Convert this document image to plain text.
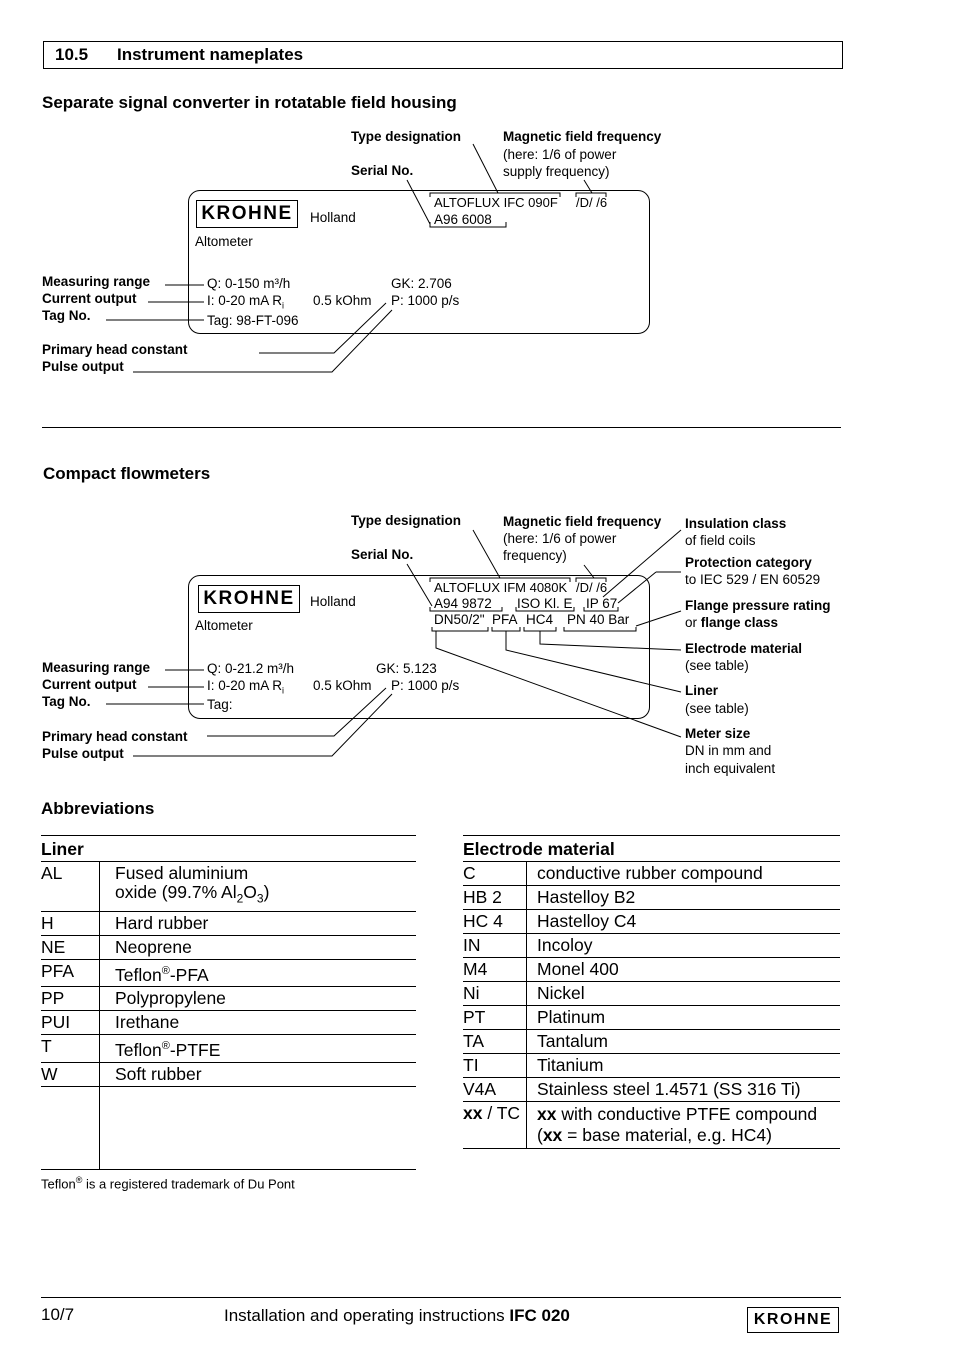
10.5 Instrument nameplates
Separate signal converter in rotatable field housing
Type designation
Serial No.
Magnetic field frequency
(here: 1/6 of power
supply frequency)
Measuring range
Current output
Tag No.
Primary head constant
Pulse output
KROHNE	Holland
Altometer
ALTOFLUX IFC 090F /D/ /6
A96 6008
Q: 0-150 m³/h
I: 0-20 mA $R_i$ 0.5 kOhm
Tag: 98-FT-096
GK: 2.706
P: 1000 p/s
Compact flowmeters
Type designation
Serial No.
Magnetic field frequency
(here: 1/6 of power
frequency)
Insulation class
of field coils
Protection category
to IEC 529 / EN 60529
Flange pressure rating
or flange class
Electrode material
(see table)
Liner
(see table)
Meter size
DN in mm and
inch equivalent
Measuring range
Current output
Tag No.
Primary head constant
Pulse output
KROHNE	Holland
Altometer
ALTOFLUX IFM 4080K /D/ /6
A94 9872 ISO Kl. E IP 67
DN50/2" PFA HC4 PN 40 Bar
Q: 0-21.2 m³/h
I: 0-20 mA $R_i$ 0.5 kOhm
Tag:
GK: 5.123
P: 1000 p/s
Abbreviations
Liner	
AL	Fused aluminium
oxide (99.7% $Al_2O_3$)
H	Hard rubber
NE	Neoprene
PFA	Teflon®-PFA
PP	Polypropylene
PUI	Irethane
T	Teflon®-PTFE
W	Soft rubber

Teflon® is a registered trademark of Du Pont
Electrode material	
C	conductive rubber compound
HB 2	Hastelloy B2
HC 4	Hastelloy C4
IN	Incoloy
M4	Monel 400
Ni	Nickel
PT	Platinum
TA	Tantalum
TI	Titanium
V4A	Stainless steel 1.4571 (SS 316 Ti)
xx / TC	xx with conductive PTFE compound
(xx = base material, e.g. HC4)
10/7	Installation and operating instructions IFC 020	KROHNE
